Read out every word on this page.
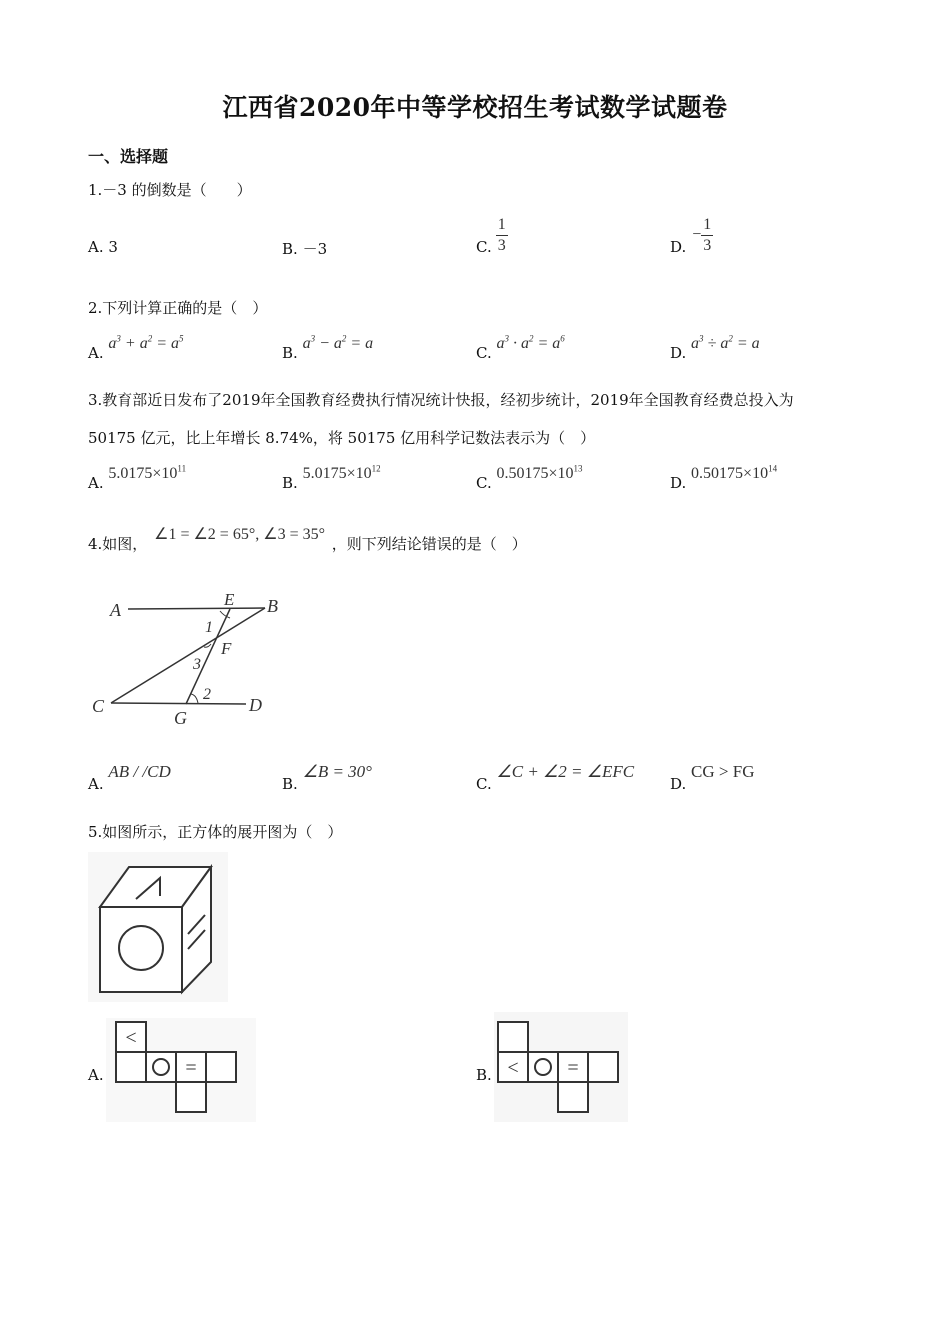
江西省2020年中等学校招生考试数学试题卷
一、选择题
1.－3 的倒数是（　　）
A. 3	B. －3	C. $\frac{1}{3}$	D.
− $\frac{1}{3}$
2.下列计算正确的是（　）
A. $a^3 + a^2 = a^5$
B. $a^3 - a^2 = a$
C. $a^3 \cdot a^2 = a^6$
D. $a^3 \div a^2 = a$
3.教育部近日发布了2019年全国教育经费执行情况统计快报，经初步统计，2019年全国教育经费总投入为
50175 亿元，比上年增长 8.74%，将 50175 亿用科学记数法表示为（　）
A. $5.0175\times 10^{11}$
B. $5.0175\times 10^{12}$
C. $0.50175\times 10^{13}$
D. $0.50175\times 10^{14}$
4.如图， ∠1 = ∠2 = 65°, ∠3 = 35° ，则下列结论错误的是（　）
A
E B
1
F
3
2
C
G
D
A. AB / /CD
B. ∠B = 30°
C. ∠C + ∠2 = ∠EFC
D. CG > FG
5.如图所示，正方体的展开图为（　）
A.
<
=	B. < =
